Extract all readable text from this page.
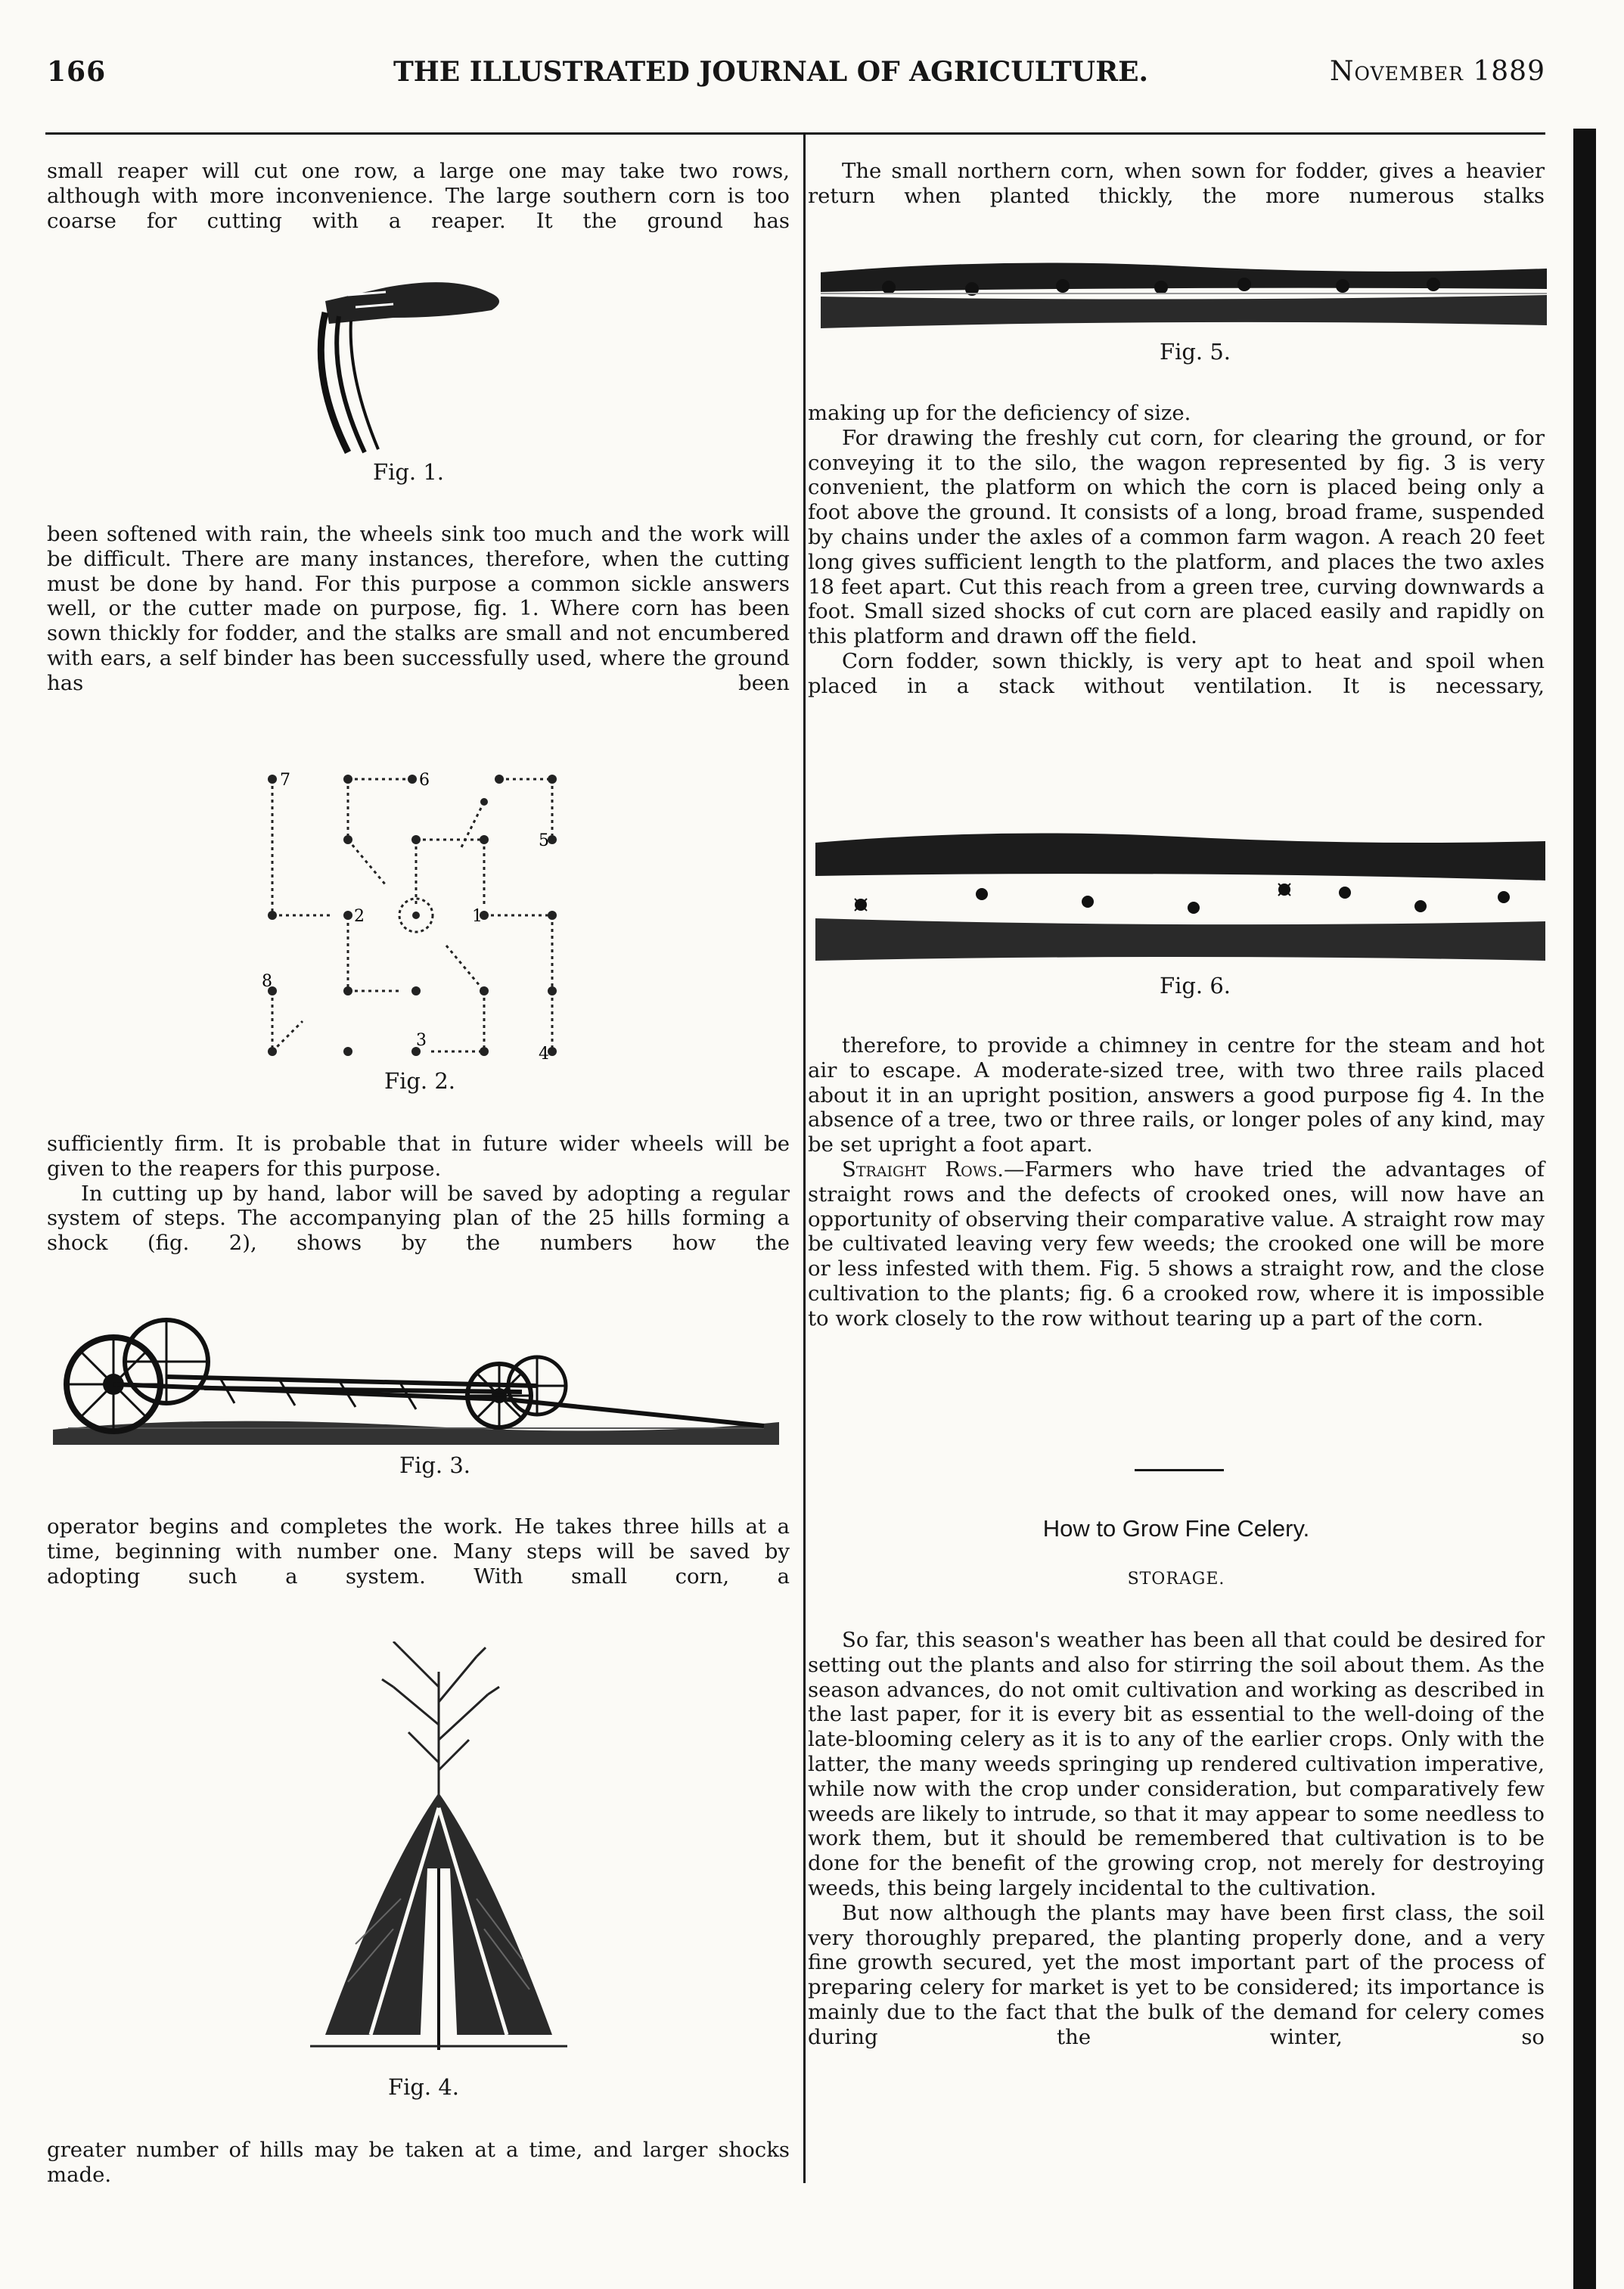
166	THE ILLUSTRATED JOURNAL OF AGRICULTURE.	November 1889

small reaper will cut one row, a large one may take two rows, although with more inconvenience. The large southern corn is too coarse for cutting with a reaper. It the ground has

Fig. 1.

been softened with rain, the wheels sink too much and the work will be difficult. There are many instances, therefore, when the cutting must be done by hand. For this purpose a common sickle answers well, or the cutter made on purpose, fig. 1. Where corn has been sown thickly for fodder, and the stalks are small and not encumbered with ears, a self binder has been successfully used, where the ground has been

7	6
5
2	1
8
3
4
Fig. 2.

sufficiently firm. It is probable that in future wider wheels will be given to the reapers for this purpose.

In cutting up by hand, labor will be saved by adopting a regular system of steps. The accompanying plan of the 25 hills forming a shock (fig. 2), shows by the numbers how the

Fig. 3.

operator begins and completes the work. He takes three hills at a time, beginning with number one. Many steps will be saved by adopting such a system. With small corn, a

Fig. 4.

greater number of hills may be taken at a time, and larger shocks made.

The small northern corn, when sown for fodder, gives a heavier return when planted thickly, the more numerous stalks

Fig. 5.

making up for the deficiency of size.

For drawing the freshly cut corn, for clearing the ground, or for conveying it to the silo, the wagon represented by fig. 3 is very convenient, the platform on which the corn is placed being only a foot above the ground. It consists of a long, broad frame, suspended by chains under the axles of a common farm wagon. A reach 20 feet long gives sufficient length to the platform, and places the two axles 18 feet apart. Cut this reach from a green tree, curving downwards a foot. Small sized shocks of cut corn are placed easily and rapidly on this platform and drawn off the field.

Corn fodder, sown thickly, is very apt to heat and spoil when placed in a stack without ventilation. It is necessary,

Fig. 6.

therefore, to provide a chimney in centre for the steam and hot air to escape. A moderate-sized tree, with two three rails placed about it in an upright position, answers a good purpose fig 4. In the absence of a tree, two or three rails, or longer poles of any kind, may be set upright a foot apart.

Straight Rows.—Farmers who have tried the advantages of straight rows and the defects of crooked ones, will now have an opportunity of observing their comparative value. A straight row may be cultivated leaving very few weeds; the crooked one will be more or less infested with them. Fig. 5 shows a straight row, and the close cultivation to the plants; fig. 6 a crooked row, where it is impossible to work closely to the row without tearing up a part of the corn.

How to Grow Fine Celery.
STORAGE.

So far, this season's weather has been all that could be desired for setting out the plants and also for stirring the soil about them. As the season advances, do not omit cultivation and working as described in the last paper, for it is every bit as essential to the well-doing of the late-blooming celery as it is to any of the earlier crops. Only with the latter, the many weeds springing up rendered cultivation imperative, while now with the crop under consideration, but comparatively few weeds are likely to intrude, so that it may appear to some needless to work them, but it should be remembered that cultivation is to be done for the benefit of the growing crop, not merely for destroying weeds, this being largely incidental to the cultivation.

But now although the plants may have been first class, the soil very thoroughly prepared, the planting properly done, and a very fine growth secured, yet the most important part of the process of preparing celery for market is yet to be considered; its importance is mainly due to the fact that the bulk of the demand for celery comes during the winter, so
